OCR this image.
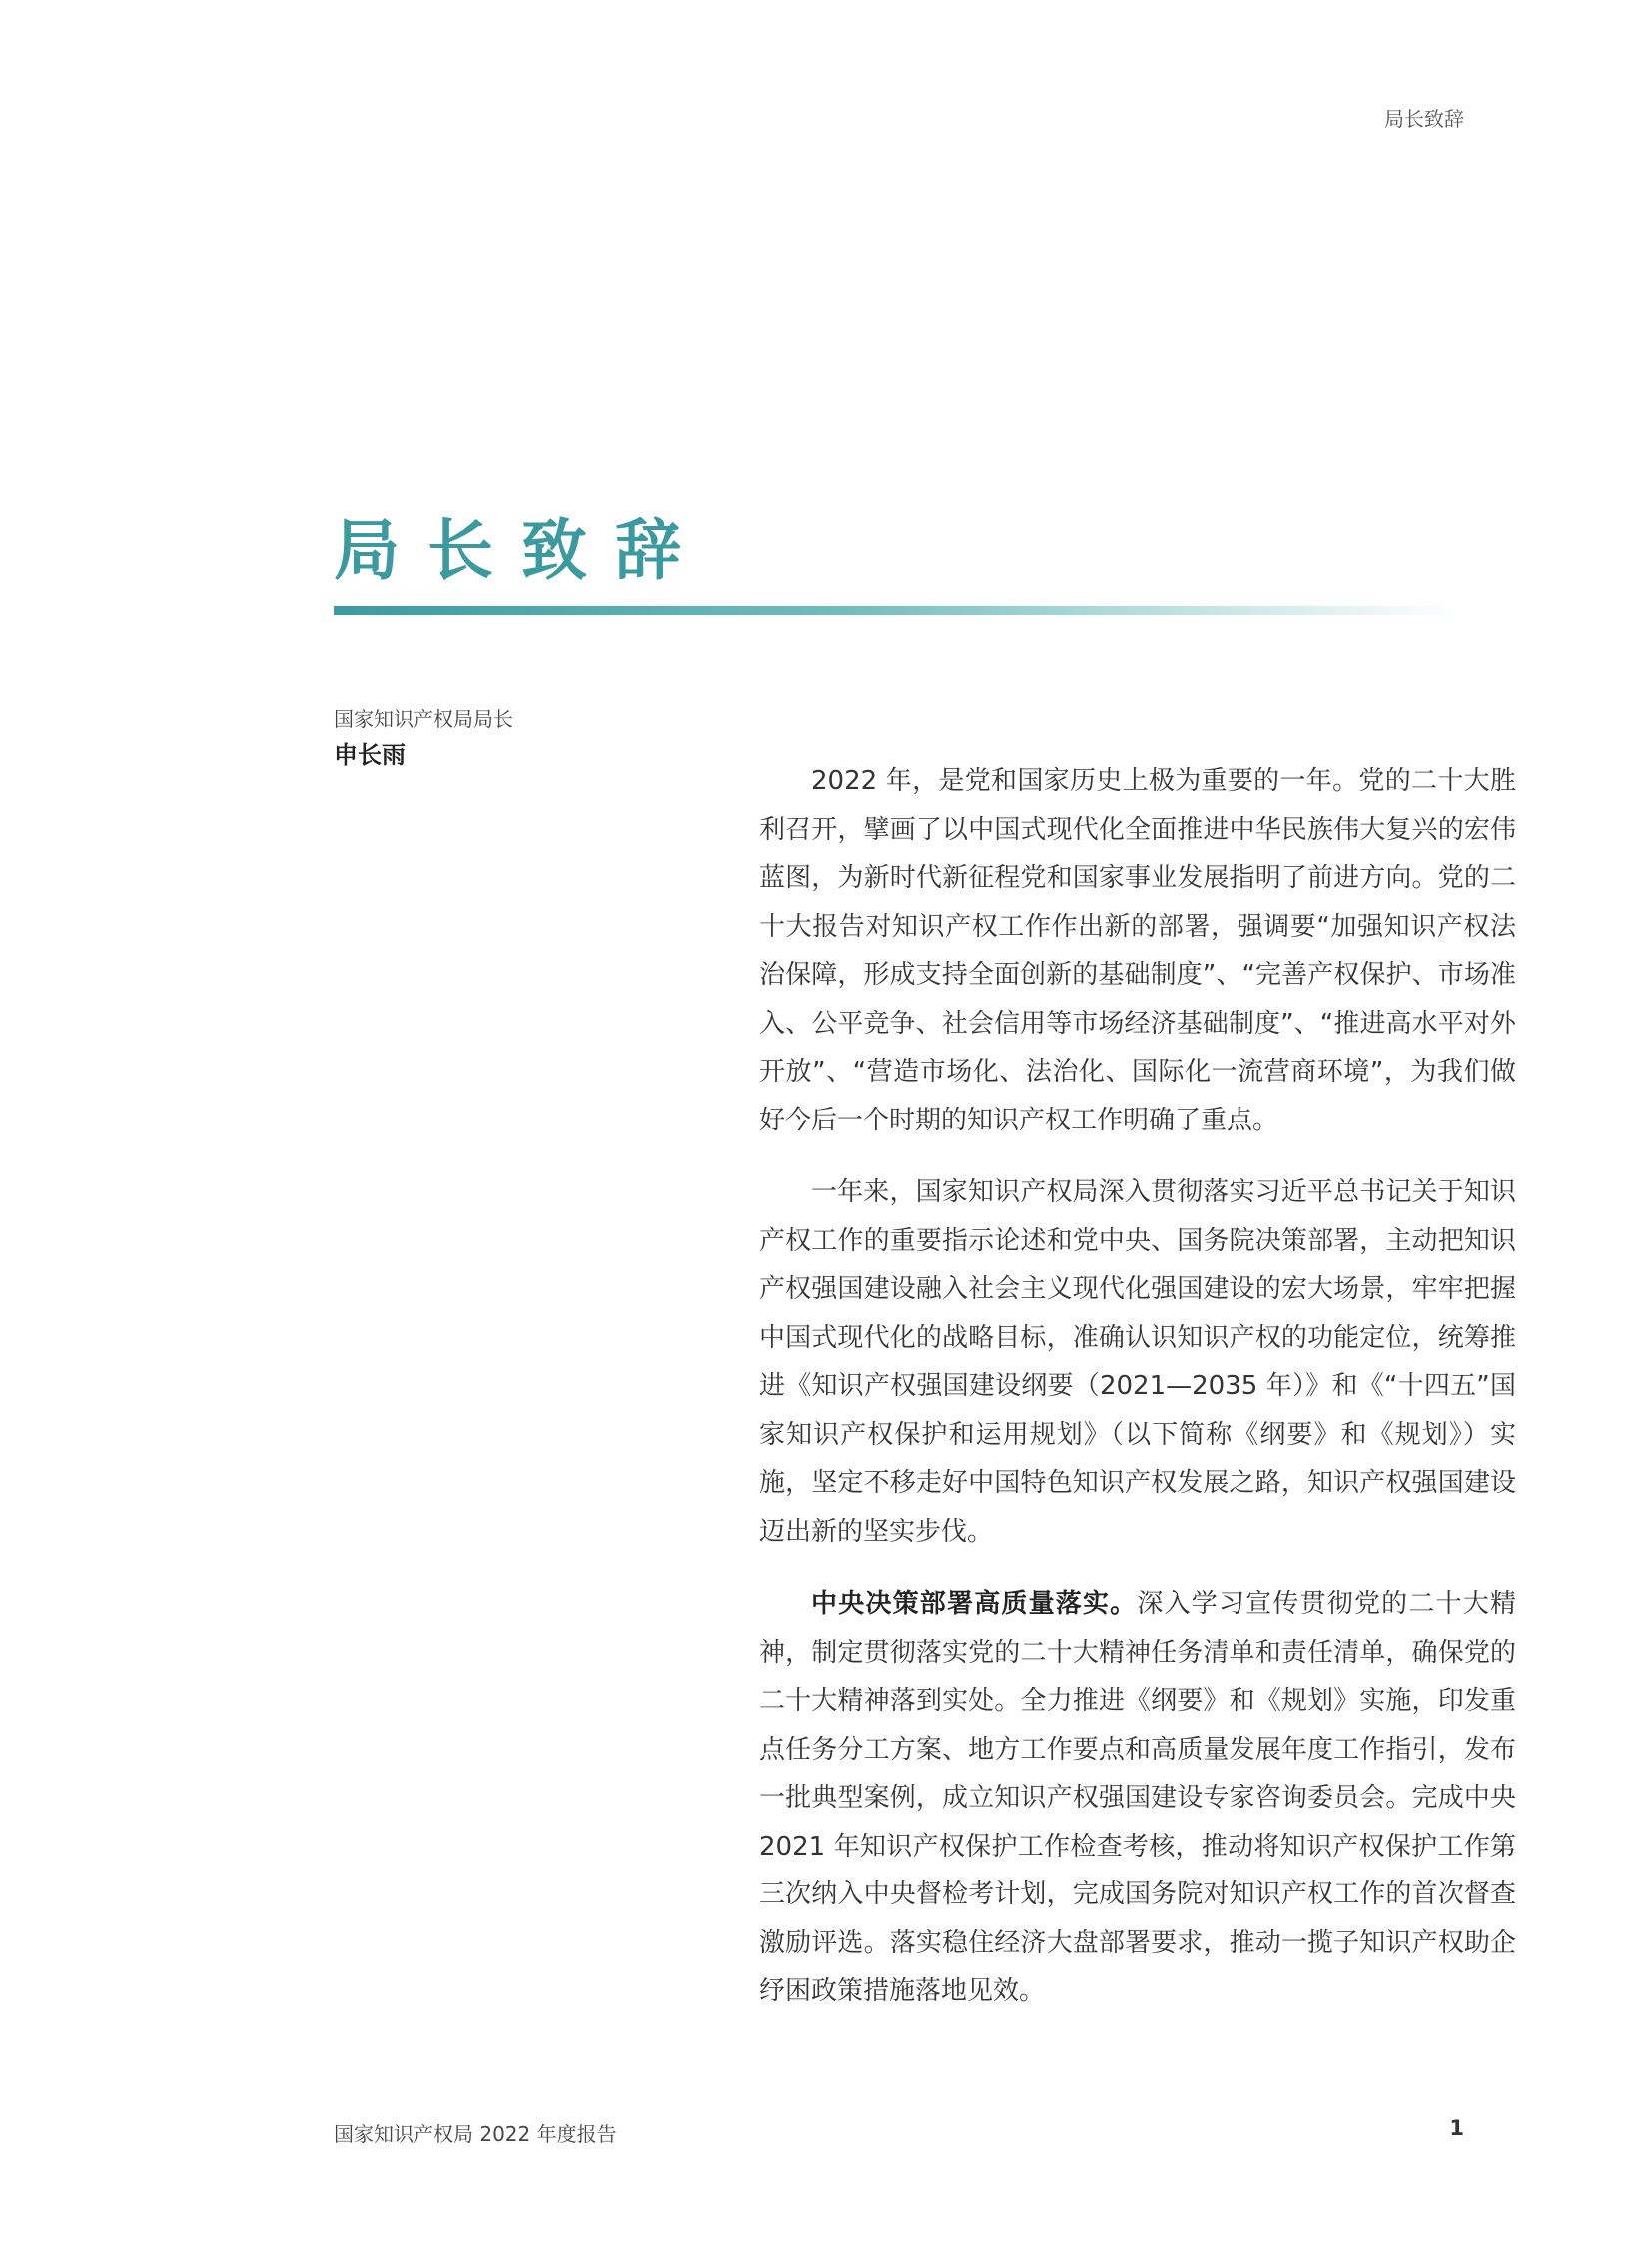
局长致辞
局长致辞
国家知识产权局局长
申长雨

2022 年，是党和国家历史上极为重要的一年。党的二十大胜利召开，擘画了以中国式现代化全面推进中华民族伟大复兴的宏伟蓝图，为新时代新征程党和国家事业发展指明了前进方向。党的二十大报告对知识产权工作作出新的部署，强调要“加强知识产权法治保障，形成支持全面创新的基础制度”、“完善产权保护、市场准入、公平竞争、社会信用等市场经济基础制度”、“推进高水平对外开放”、“营造市场化、法治化、国际化一流营商环境”，为我们做好今后一个时期的知识产权工作明确了重点。

一年来，国家知识产权局深入贯彻落实习近平总书记关于知识产权工作的重要指示论述和党中央、国务院决策部署，主动把知识产权强国建设融入社会主义现代化强国建设的宏大场景，牢牢把握中国式现代化的战略目标，准确认识知识产权的功能定位，统筹推进《知识产权强国建设纲要（2021—2035 年）》和《“十四五”国家知识产权保护和运用规划》（以下简称《纲要》和《规划》）实施，坚定不移走好中国特色知识产权发展之路，知识产权强国建设迈出新的坚实步伐。

中央决策部署高质量落实。深入学习宣传贯彻党的二十大精神，制定贯彻落实党的二十大精神任务清单和责任清单，确保党的二十大精神落到实处。全力推进《纲要》和《规划》实施，印发重点任务分工方案、地方工作要点和高质量发展年度工作指引，发布一批典型案例，成立知识产权强国建设专家咨询委员会。完成中央 2021 年知识产权保护工作检查考核，推动将知识产权保护工作第三次纳入中央督检考计划，完成国务院对知识产权工作的首次督查激励评选。落实稳住经济大盘部署要求，推动一揽子知识产权助企纾困政策措施落地见效。

国家知识产权局 2022 年度报告	1
